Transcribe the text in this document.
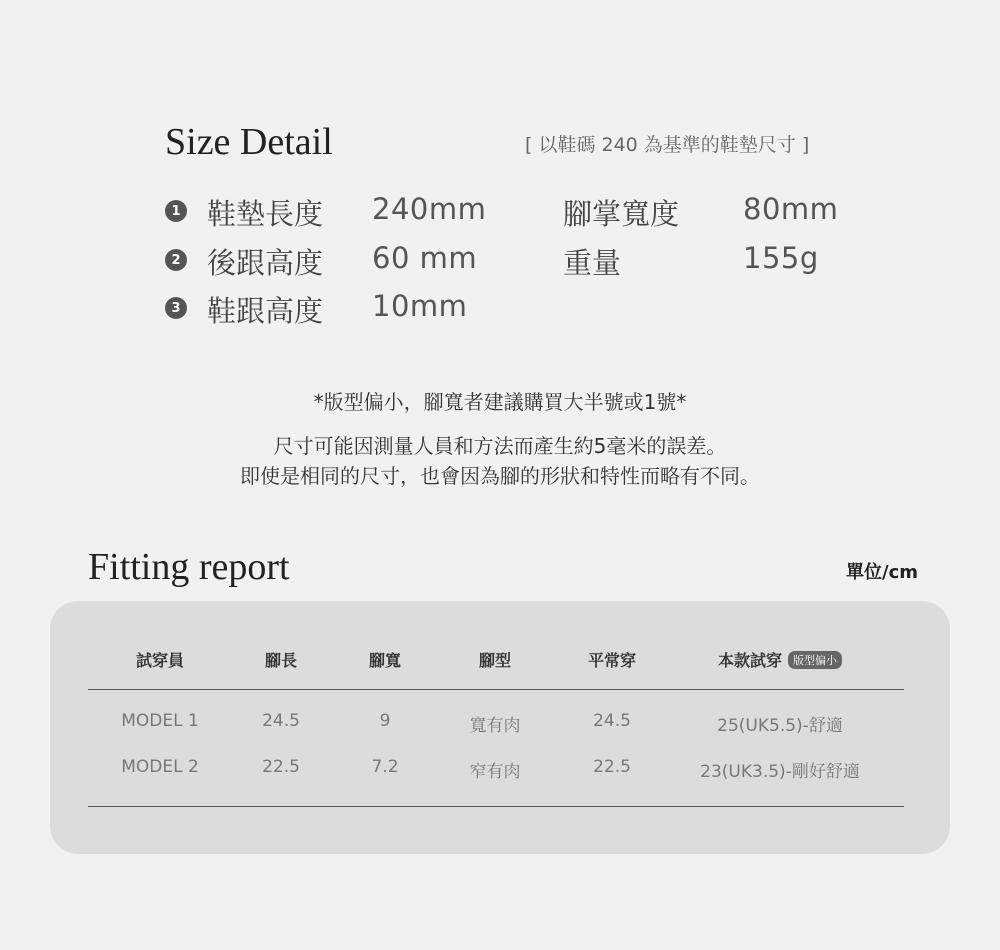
Size Detail	[ 以鞋碼 240 為基準的鞋墊尺寸 ]
1 鞋墊長度 240mm	腳掌寬度 80mm
2 後跟高度 60 mm	重量	155g
3 鞋跟高度 10mm
*版型偏小，腳寬者建議購買大半號或1號*
尺寸可能因測量人員和方法而產生約5毫米的誤差。
即使是相同的尺寸，也會因為腳的形狀和特性而略有不同。
Fitting report	單位/cm
試穿員	腳長	腳寬	腳型	平常穿	本款試穿 版型偏小
MODEL 1	24.5	9	寬有肉	24.5	25(UK5.5)-舒適
MODEL 2	22.5	7.2	窄有肉	22.5	23(UK3.5)-剛好舒適
